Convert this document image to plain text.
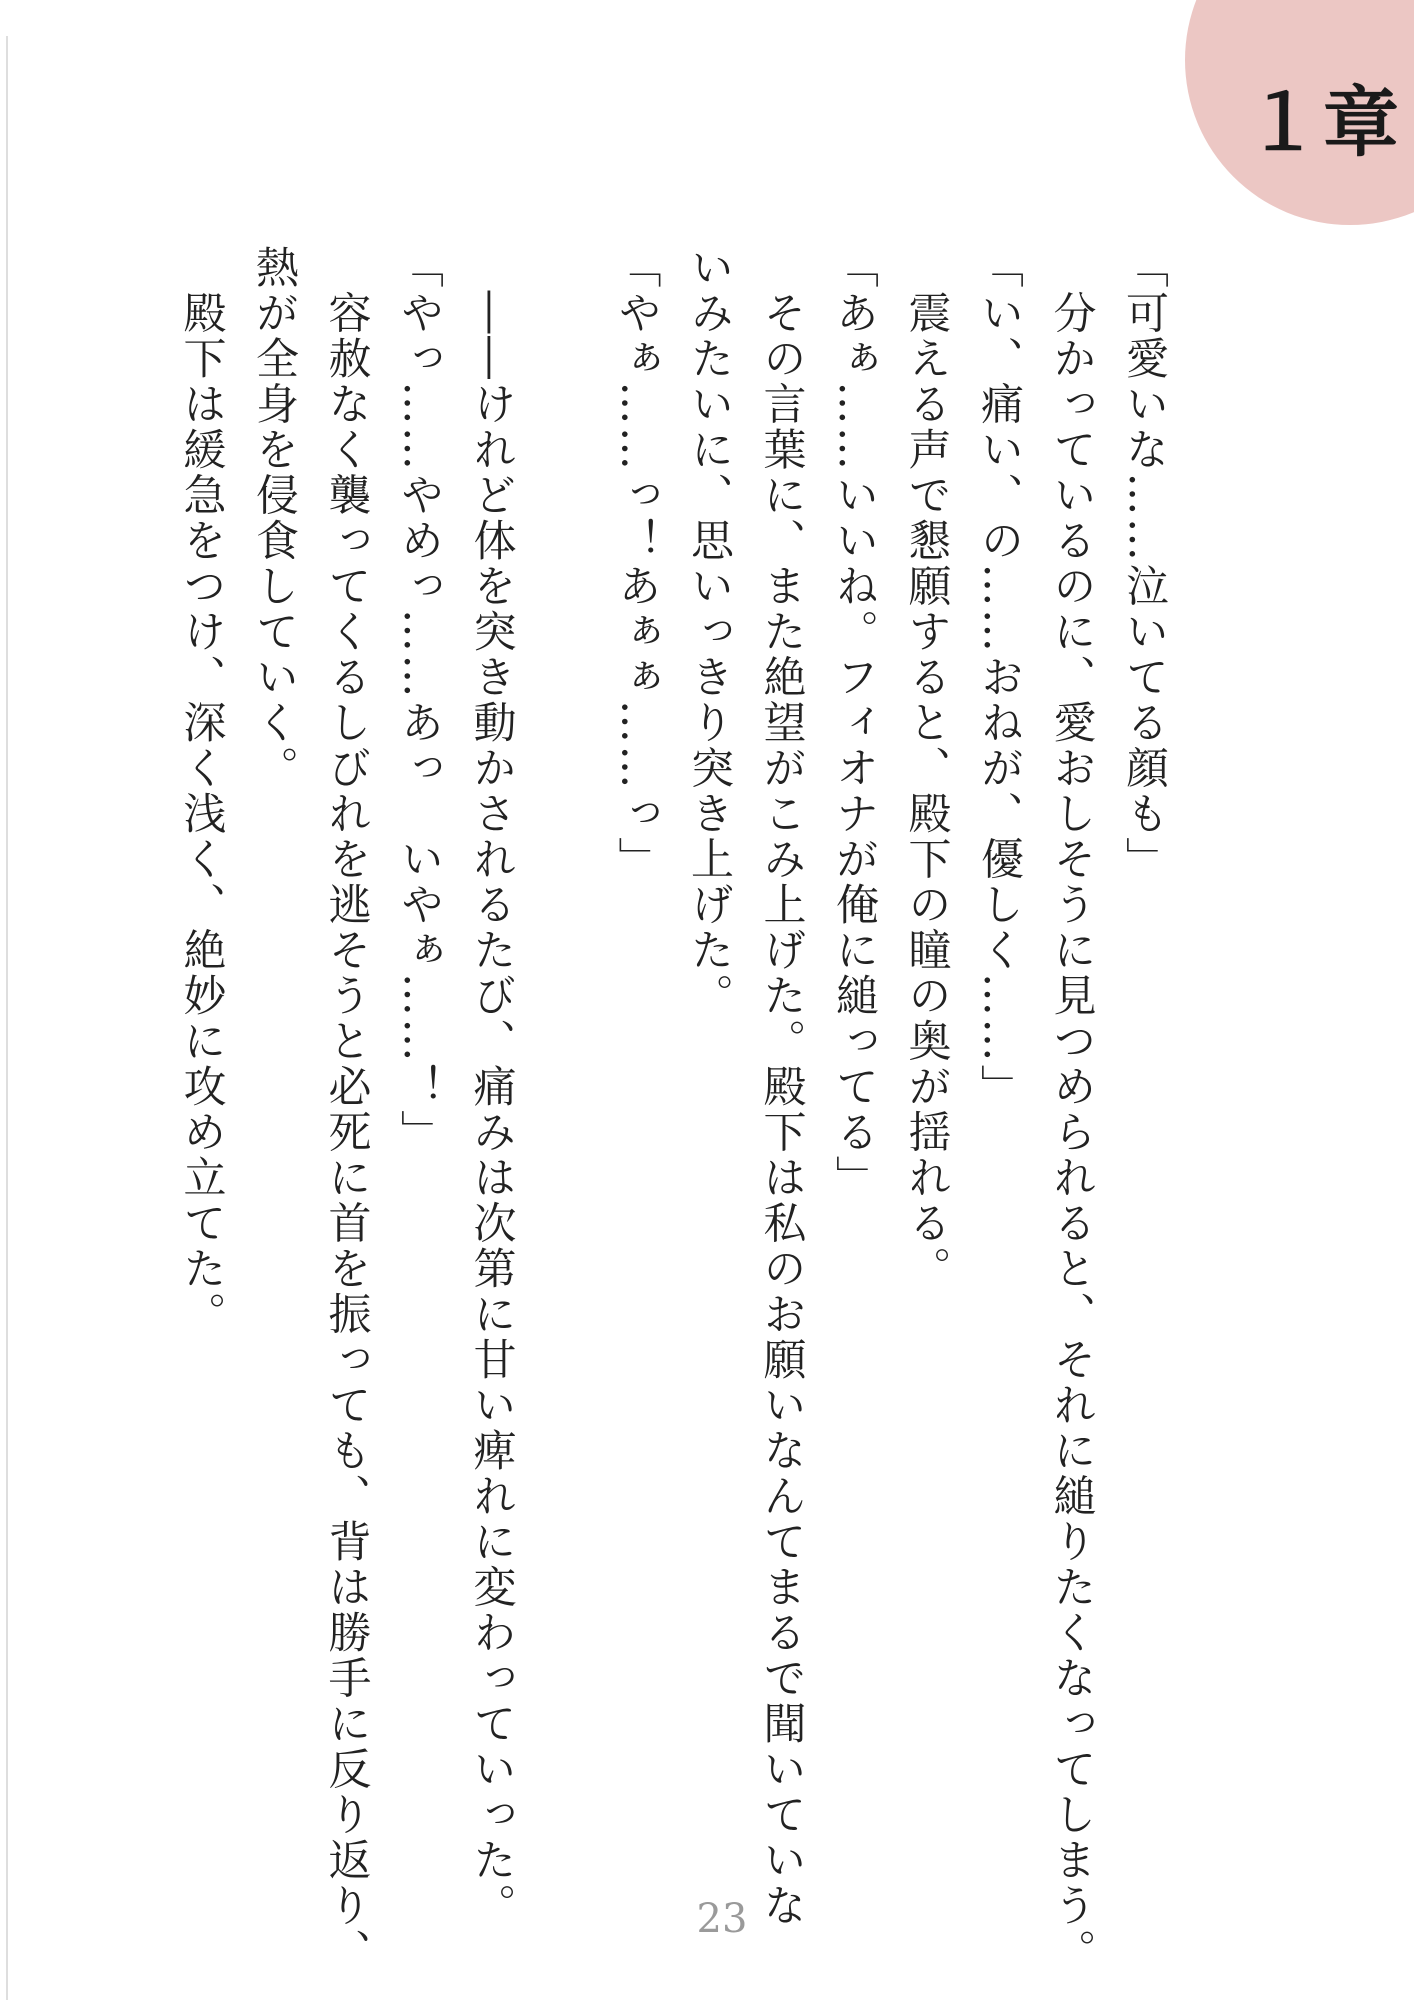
１章
「可愛いな……泣いてる顔も」
　分かっているのに、愛おしそうに見つめられると、それに縋りたくなってしまう。
「い、痛い、の……おねが、優しく……」
　震える声で懇願すると、殿下の瞳の奥が揺れる。
「あぁ……いいね。フィオナが俺に縋ってる」
　その言葉に、また絶望がこみ上げた。殿下は私のお願いなんてまるで聞いていな
いみたいに、思いっきり突き上げた。
「やぁ……っ！あぁぁ……っ」

　――けれど体を突き動かされるたび、痛みは次第に甘い痺れに変わっていった。
「やっ……やめっ……あっ　いやぁ……！」
　容赦なく襲ってくるしびれを逃そうと必死に首を振っても、背は勝手に反り返り、
熱が全身を侵食していく。
　殿下は緩急をつけ、深く浅く、絶妙に攻め立てた。
23
